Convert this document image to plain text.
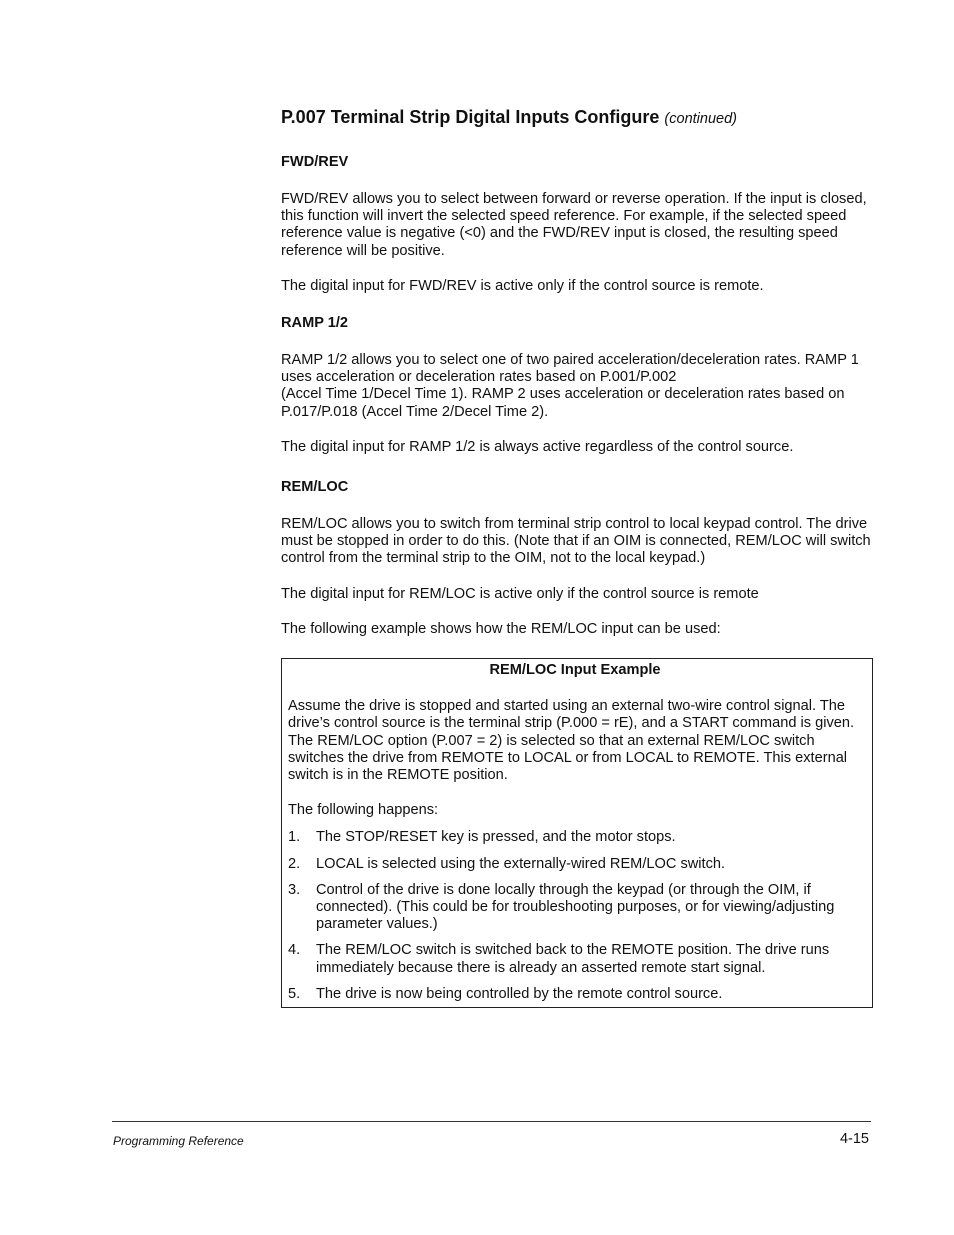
P.007 Terminal Strip Digital Inputs Configure (continued)
FWD/REV

FWD/REV allows you to select between forward or reverse operation. If the input is closed, this function will invert the selected speed reference. For example, if the selected speed reference value is negative (<0) and the FWD/REV input is closed, the resulting speed reference will be positive.

The digital input for FWD/REV is active only if the control source is remote.

RAMP 1/2

RAMP 1/2 allows you to select one of two paired acceleration/deceleration rates. RAMP 1 uses acceleration or deceleration rates based on P.001/P.002
(Accel Time 1/Decel Time 1). RAMP 2 uses acceleration or deceleration rates based on P.017/P.018 (Accel Time 2/Decel Time 2).

The digital input for RAMP 1/2 is always active regardless of the control source.

REM/LOC

REM/LOC allows you to switch from terminal strip control to local keypad control. The drive must be stopped in order to do this. (Note that if an OIM is connected, REM/LOC will switch control from the terminal strip to the OIM, not to the local keypad.)

The digital input for REM/LOC is active only if the control source is remote

The following example shows how the REM/LOC input can be used:

REM/LOC Input Example

Assume the drive is stopped and started using an external two-wire control signal. The drive’s control source is the terminal strip (P.000 = rE), and a START command is given. The REM/LOC option (P.007 = 2) is selected so that an external REM/LOC switch switches the drive from REMOTE to LOCAL or from LOCAL to REMOTE. This external switch is in the REMOTE position.

The following happens:

1.	The STOP/RESET key is pressed, and the motor stops.
2.	LOCAL is selected using the externally-wired REM/LOC switch.
3.	Control of the drive is done locally through the keypad (or through the OIM, if connected). (This could be for troubleshooting purposes, or for viewing/adjusting parameter values.)
4.	The REM/LOC switch is switched back to the REMOTE position. The drive runs immediately because there is already an asserted remote start signal.
5.	The drive is now being controlled by the remote control source.
Programming Reference	4-15
